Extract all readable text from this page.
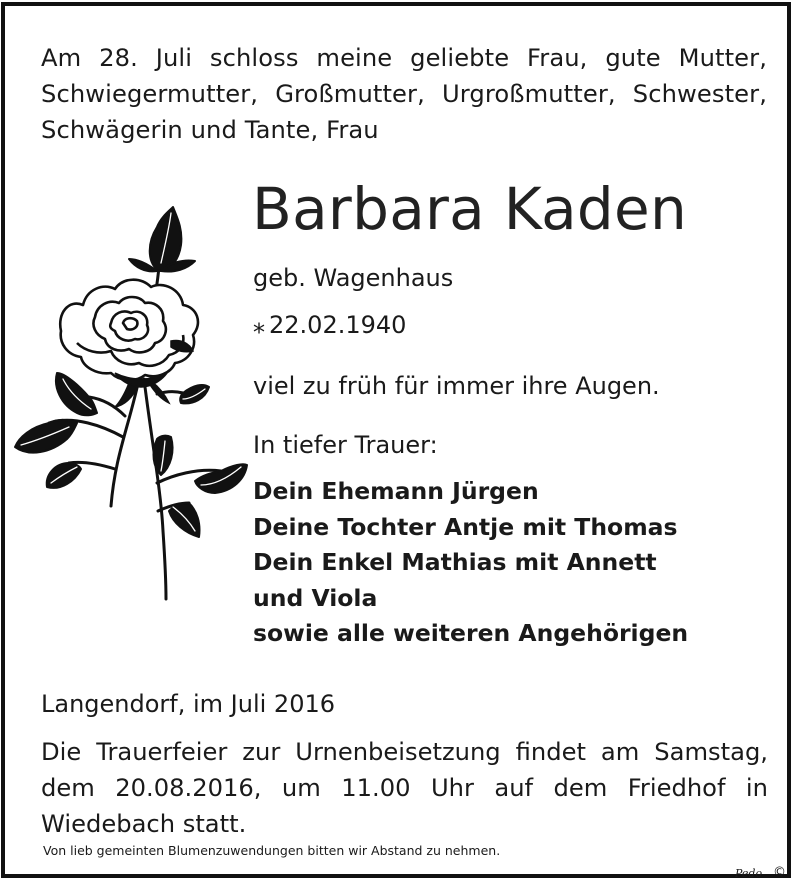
Am 28. Juli schloss meine geliebte Frau, gute Mutter, Schwiegermutter, Großmutter, Urgroßmutter, Schwester, Schwägerin und Tante, Frau
Barbara Kaden
geb. Wagenhaus
⁎ 22.02.1940
viel zu früh für immer ihre Augen.
In tiefer Trauer:
Dein Ehemann Jürgen
Deine Tochter Antje mit Thomas
Dein Enkel Mathias mit Annett
und Viola
sowie alle weiteren Angehörigen
Langendorf, im Juli 2016
Die Trauerfeier zur Urnenbeisetzung findet am Samstag, dem 20.08.2016, um 11.00 Uhr auf dem Friedhof in Wiedebach statt.
Von lieb gemeinten Blumenzuwendungen bitten wir Abstand zu nehmen.
Pedo ©
